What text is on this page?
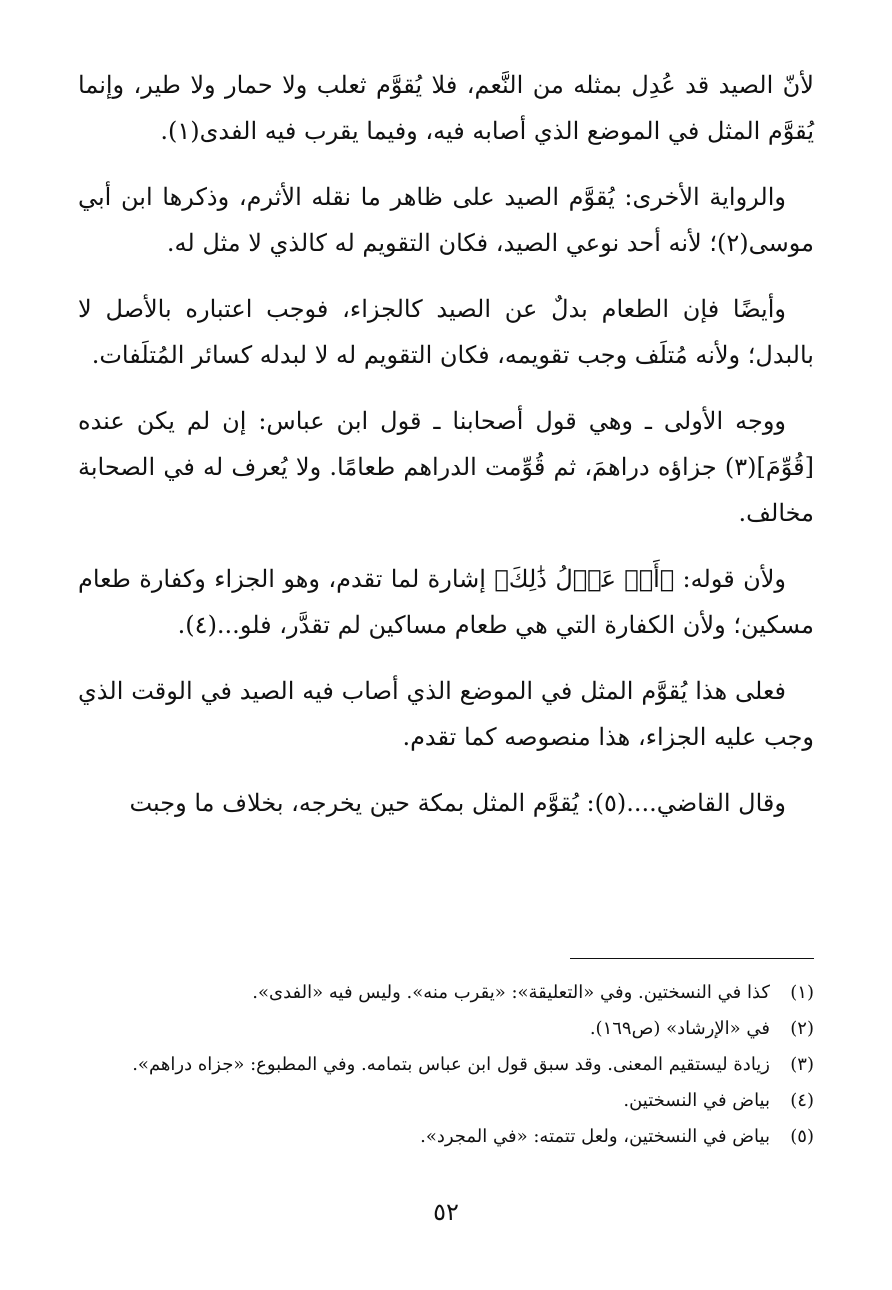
لأنّ الصيد قد عُدِل بمثله من النَّعم، فلا يُقوَّم ثعلب ولا حمار ولا طير، وإنما يُقوَّم المثل في الموضع الذي أصابه فيه، وفيما يقرب فيه الفدى(١).

والرواية الأخرى: يُقوَّم الصيد على ظاهر ما نقله الأثرم، وذكرها ابن أبي موسى(٢)؛ لأنه أحد نوعي الصيد، فكان التقويم له كالذي لا مثل له.

وأيضًا فإن الطعام بدلٌ عن الصيد كالجزاء، فوجب اعتباره بالأصل لا بالبدل؛ ولأنه مُتلَف وجب تقويمه، فكان التقويم له لا لبدله كسائر المُتلَفات.

ووجه الأولى ـ وهي قول أصحابنا ـ قول ابن عباس: إن لم يكن عنده [قُوِّمَ](٣) جزاؤه دراهمَ، ثم قُوِّمت الدراهم طعامًا. ولا يُعرف له في الصحابة مخالف.

ولأن قوله: ﴿أَوۡ عَدۡلُ ذَٰلِكَ﴾ إشارة لما تقدم، وهو الجزاء وكفارة طعام مسكين؛ ولأن الكفارة التي هي طعام مساكين لم تقدَّر، فلو...(٤).

فعلى هذا يُقوَّم المثل في الموضع الذي أصاب فيه الصيد في الوقت الذي وجب عليه الجزاء، هذا منصوصه كما تقدم.

وقال القاضي....(٥): يُقوَّم المثل بمكة حين يخرجه، بخلاف ما وجبت

(١)
كذا في النسختين. وفي «التعليقة»: «يقرب منه». وليس فيه «الفدى».
(٢)
في «الإرشاد» (ص١٦٩).
(٣)
زيادة ليستقيم المعنى. وقد سبق قول ابن عباس بتمامه. وفي المطبوع: «جزاه دراهم».
(٤)
بياض في النسختين.
(٥)
بياض في النسختين، ولعل تتمته: «في المجرد».
٥٢
